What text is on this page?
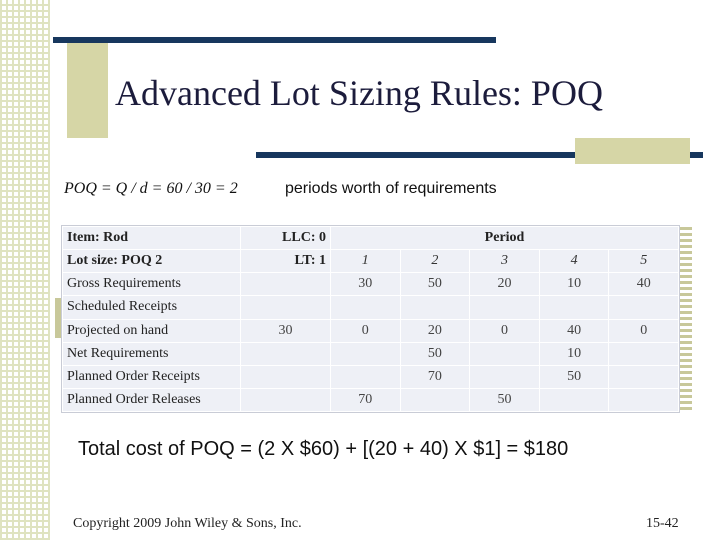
Advanced Lot Sizing Rules: POQ
POQ = Q / d = 60 / 30 = 2	periods worth of requirements
Item: Rod	LLC: 0	Period				
Lot size: POQ 2	LT: 1	1	2	3	4	5
Gross Requirements		30	50	20	10	40
Scheduled Receipts						
Projected on hand	30	0	20	0	40	0
Net Requirements			50		10	
Planned Order Receipts			70		50	
Planned Order Releases		70		50		
Total cost of POQ = (2 X $60) + [(20 + 40) X $1] = $180
Copyright 2009 John Wiley & Sons, Inc.	15-42
